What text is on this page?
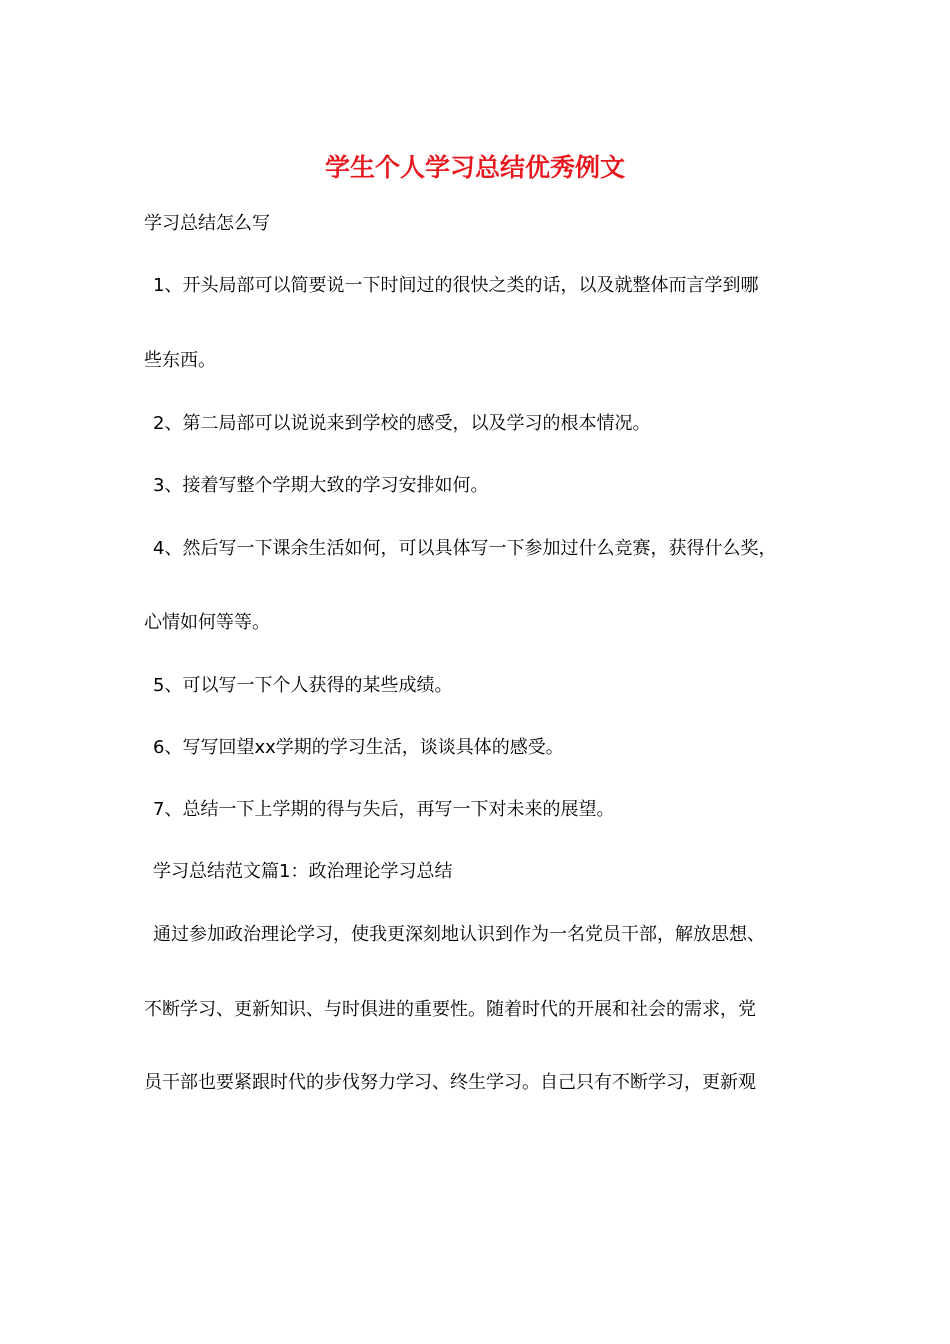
学生个人学习总结优秀例文

学习总结怎么写

1、开头局部可以简要说一下时间过的很快之类的话，以及就整体而言学到哪

些东西。

2、第二局部可以说说来到学校的感受，以及学习的根本情况。

3、接着写整个学期大致的学习安排如何。

4、然后写一下课余生活如何，可以具体写一下参加过什么竞赛，获得什么奖，

心情如何等等。

5、可以写一下个人获得的某些成绩。

6、写写回望xx学期的学习生活，谈谈具体的感受。

7、总结一下上学期的得与失后，再写一下对未来的展望。

学习总结范文篇1：政治理论学习总结

通过参加政治理论学习，使我更深刻地认识到作为一名党员干部，解放思想、

不断学习、更新知识、与时俱进的重要性。随着时代的开展和社会的需求，党

员干部也要紧跟时代的步伐努力学习、终生学习。自己只有不断学习，更新观
